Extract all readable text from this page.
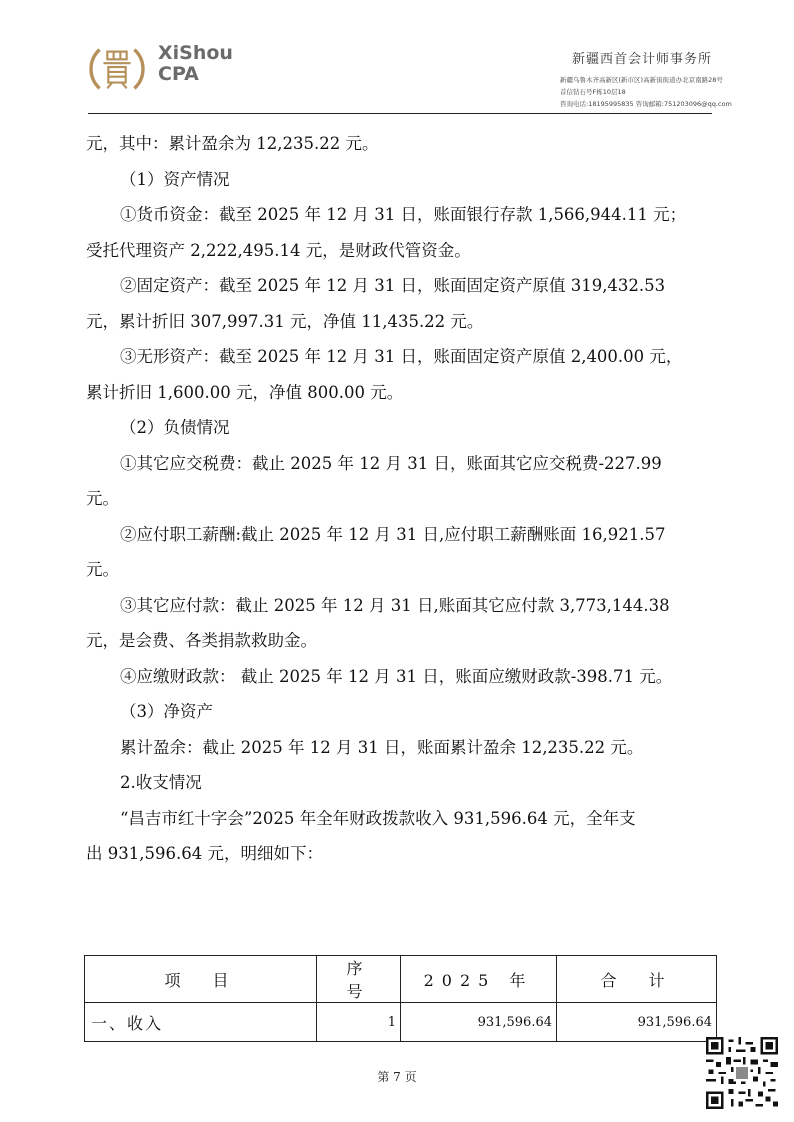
XiShou
CPA
新疆西首会计师事务所
新疆乌鲁木齐高新区(新市区)高新街街道办北京南路28号
首信钻石号F栋10层18
咨询电话:18195995835 咨询邮箱:751203096@qq.com

元，其中：累计盈余为 12,235.22 元。

（1）资产情况

①货币资金：截至 2025 年 12 月 31 日，账面银行存款 1,566,944.11 元；

受托代理资产 2,222,495.14 元，是财政代管资金。

②固定资产：截至 2025 年 12 月 31 日，账面固定资产原值 319,432.53

元，累计折旧 307,997.31 元，净值 11,435.22 元。

③无形资产：截至 2025 年 12 月 31 日，账面固定资产原值 2,400.00 元，

累计折旧 1,600.00 元，净值 800.00 元。

（2）负债情况

①其它应交税费：截止 2025 年 12 月 31 日，账面其它应交税费-227.99

元。

②应付职工薪酬:截止 2025 年 12 月 31 日,应付职工薪酬账面 16,921.57

元。

③其它应付款：截止 2025 年 12 月 31 日,账面其它应付款 3,773,144.38

元，是会费、各类捐款救助金。

④应缴财政款： 截止 2025 年 12 月 31 日，账面应缴财政款-398.71 元。

（3）净资产

累计盈余：截止 2025 年 12 月 31 日，账面累计盈余 12,235.22 元。

2.收支情况

“昌吉市红十字会”2025 年全年财政拨款收入 931,596.64 元，全年支

出 931,596.64 元，明细如下：

项　目	序　号	2025 年	合　计
一、收入	1	931,596.64	931,596.64
第 7 页
